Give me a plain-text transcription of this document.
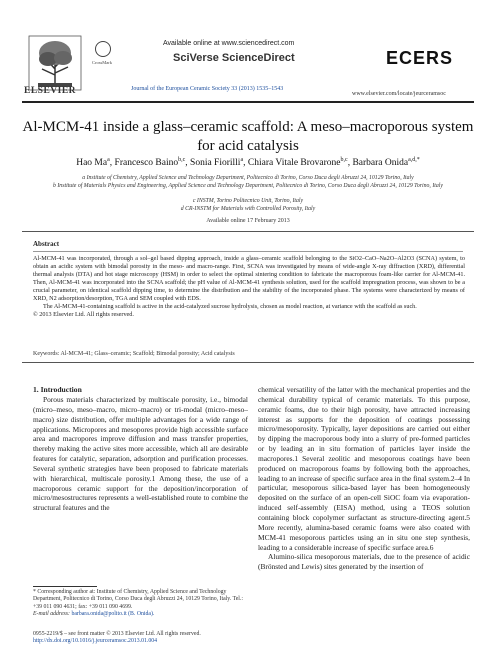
ELSEVIER
CrossMark
Available online at www.sciencedirect.com
SciVerse ScienceDirect
Journal of the European Ceramic Society 33 (2013) 1535–1543
ECERS
www.elsevier.com/locate/jeurceramsoc
Al-MCM-41 inside a glass–ceramic scaffold: A meso–macroporous system for acid catalysis
Hao Ma$^a$, Francesco Baino$^{b,c}$, Sonia Fiorilli$^a$, Chiara Vitale Brovarone$^{b,c}$, Barbara Onida$^{a,d,*}$
a Institute of Chemistry, Applied Science and Technology Department, Politecnico di Torino, Corso Duca degli Abruzzi 24, 10129 Torino, Italy
b Institute of Materials Physics and Engineering, Applied Science and Technology Department, Politecnico di Torino, Corso Duca degli Abruzzi 24, 10129 Torino, Italy
c INSTM, Torino Politecnico Unit, Torino, Italy
d CR-INSTM for Materials with Controlled Porosity, Italy
Available online 17 February 2013
Abstract

Al-MCM-41 was incorporated, through a sol–gel based dipping approach, inside a glass–ceramic scaffold belonging to the SiO2–CaO–Na2O–Al2O3 (SCNA) system, to obtain an acidic system with bimodal porosity in the meso- and macro-range. First, SCNA was investigated by means of wide-angle X-ray diffraction (XRD), differential thermal analysis (DTA) and hot stage microscopy (HSM) in order to select the optimal sintering condition to fabricate the macroporous foam-like carrier for Al-MCM-41. Then, Al-MCM-41 was incorporated into the SCNA scaffold; the pH value of Al-MCM-41 synthesis solution, used for the scaffold impregnation process, was shown to be a crucial parameter, on identical scaffold dipping time, to determine the distribution and the stability of the incorporated phase. The systems were characterized by means of XRD, N2 adsorption/desorption, TGA and SEM coupled with EDS.

The Al-MCM-41-containing scaffold is active in the acid-catalyzed sucrose hydrolysis, chosen as model reaction, at variance with the scaffold as such.

© 2013 Elsevier Ltd. All rights reserved.

Keywords: Al-MCM-41; Glass–ceramic; Scaffold; Bimodal porosity; Acid catalysis
1. Introduction

Porous materials characterized by multiscale porosity, i.e., bimodal (micro–meso, meso–macro, micro–macro) or tri-modal (micro–meso–macro) size distribution, offer multiple advantages for a wide range of applications. Micropores and mesopores provide high accessible surface area and macropores improve diffusion and mass transfer properties, thereby making the active sites more accessible, which all are desirable features for catalytic, separation, adsorption and purification processes. Several synthetic strategies have been proposed to fabricate materials with hierarchical, multiscale porosity.1 Among these, the use of a macroporous ceramic support for the deposition/incorporation of micro/mesostructures represents a well-established route to combine the structural features and the

chemical versatility of the latter with the mechanical properties and the chemical durability typical of ceramic materials. To this purpose, ceramic foams, due to their high porosity, have attracted increasing interest as supports for the deposition of coatings possessing micro/mesoporosity. Typically, layer depositions are carried out either by dipping the macroporous body into a slurry of pre-formed particles or by leading an in situ formation of particles layer inside the macropores.1 Several zeolitic and mesoporous coatings have been produced on macroporous foams by following both the approaches, leading to an increase of specific surface area in the final system.2–4 In particular, mesoporous silica-based layer has been homogeneously deposited on the surface of an open-cell SiOC foam via evaporation-induced self-assembly (EISA) method, using a TEOS solution containing block copolymer surfactant as structure-directing agent.5 More recently, alumina-based ceramic foams were also coated with MCM-41 mesoporous particles using an in situ one step synthesis, leading to a considerable increase of specific surface area.6

Alumino-silica mesoporous materials, due to the presence of acidic (Brönsted and Lewis) sites generated by the insertion of

* Corresponding author at: Institute of Chemistry, Applied Science and Technology Department, Politecnico di Torino, Corso Duca degli Abruzzi 24, 10129 Torino, Italy. Tel.: +39 011 090 4631; fax: +39 011 090 4699.
E-mail address: barbara.onida@polito.it (B. Onida).
0955-2219/$ – see front matter © 2013 Elsevier Ltd. All rights reserved.
http://dx.doi.org/10.1016/j.jeurceramsoc.2013.01.004
